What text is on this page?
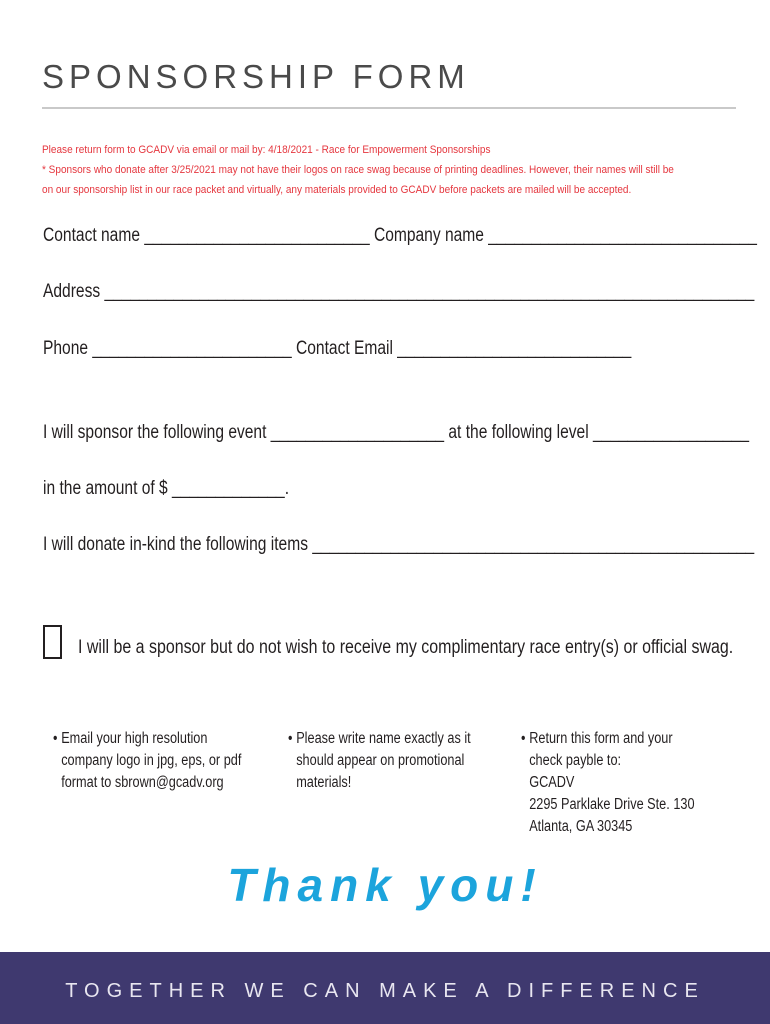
SPONSORSHIP FORM
Please return form to GCADV via email or mail by: 4/18/2021 - Race for Empowerment Sponsorships
* Sponsors who donate after 3/25/2021 may not have their logos on race swag because of printing deadlines. However, their names will still be
on our sponsorship list in our race packet and virtually, any materials provided to GCADV before packets are mailed will be accepted.
Contact name __________________________ Company name _______________________________
Address ___________________________________________________________________________
Phone _______________________ Contact Email ___________________________
I will sponsor the following event ____________________ at the following level __________________
in the amount of $ _____________.
I will donate in-kind the following items ___________________________________________________
I will be a sponsor but do not wish to receive my complimentary race entry(s) or official swag.
• Email your high resolution
company logo in jpg, eps, or pdf
format to sbrown@gcadv.org
• Please write name exactly as it
should appear on promotional
materials!
• Return this form and your
check payble to:
GCADV
2295 Parklake Drive Ste. 130
Atlanta, GA 30345
Thank you!
TOGETHER WE CAN MAKE A DIFFERENCE
